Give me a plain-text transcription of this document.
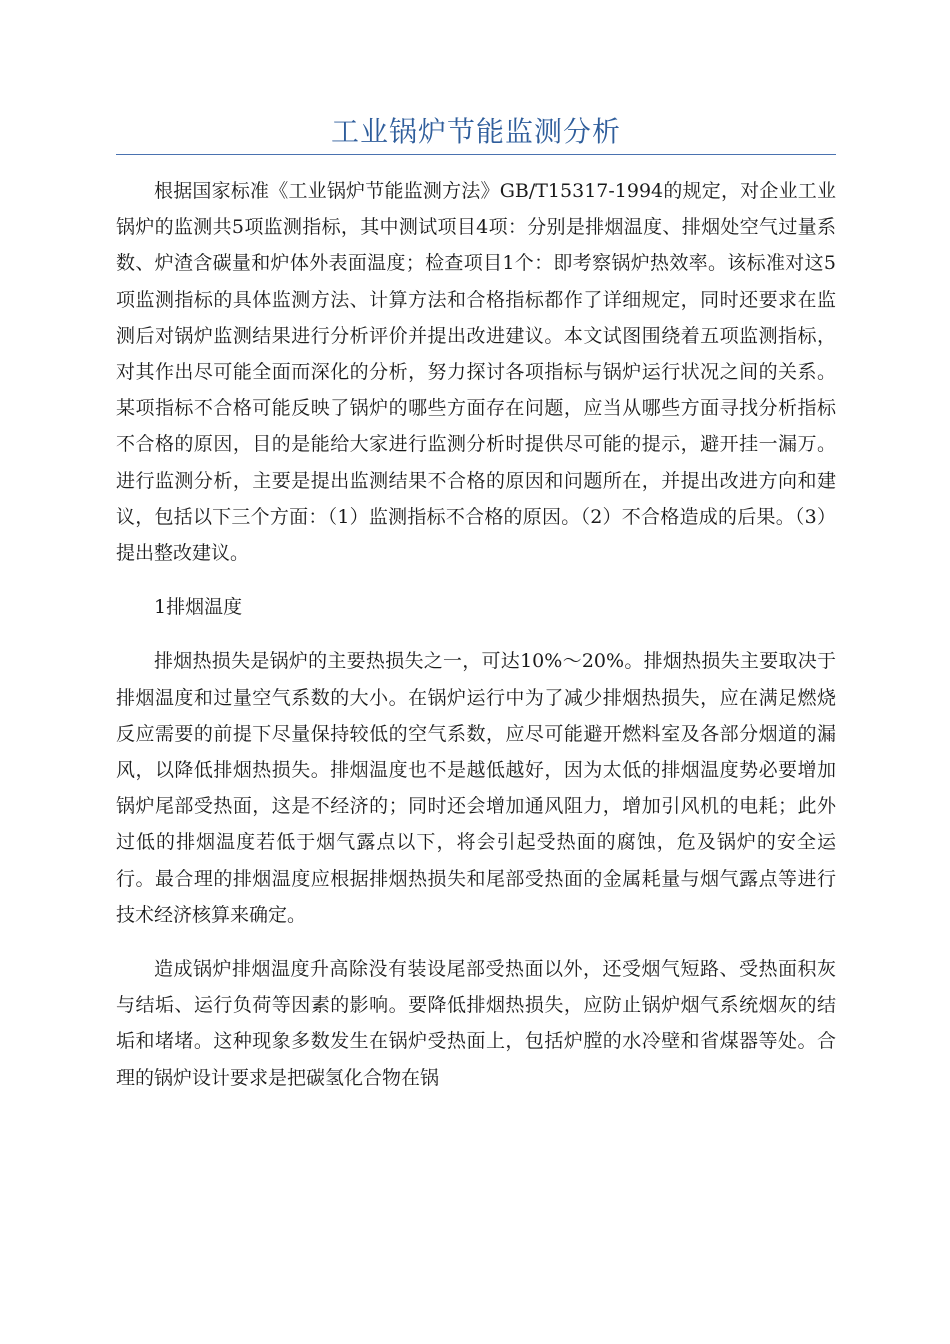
工业锅炉节能监测分析

根据国家标准《工业锅炉节能监测方法》GB/T15317-1994的规定，对企业工业锅炉的监测共5项监测指标，其中测试项目4项：分别是排烟温度、排烟处空气过量系数、炉渣含碳量和炉体外表面温度；检查项目1个：即考察锅炉热效率。该标准对这5项监测指标的具体监测方法、计算方法和合格指标都作了详细规定，同时还要求在监测后对锅炉监测结果进行分析评价并提出改进建议。本文试图围绕着五项监测指标，对其作出尽可能全面而深化的分析，努力探讨各项指标与锅炉运行状况之间的关系。某项指标不合格可能反映了锅炉的哪些方面存在问题，应当从哪些方面寻找分析指标不合格的原因，目的是能给大家进行监测分析时提供尽可能的提示，避开挂一漏万。进行监测分析，主要是提出监测结果不合格的原因和问题所在，并提出改进方向和建议，包括以下三个方面：（1）监测指标不合格的原因。（2）不合格造成的后果。（3）提出整改建议。

1排烟温度

排烟热损失是锅炉的主要热损失之一，可达10%～20%。排烟热损失主要取决于排烟温度和过量空气系数的大小。在锅炉运行中为了减少排烟热损失，应在满足燃烧反应需要的前提下尽量保持较低的空气系数，应尽可能避开燃料室及各部分烟道的漏风，以降低排烟热损失。排烟温度也不是越低越好，因为太低的排烟温度势必要增加锅炉尾部受热面，这是不经济的；同时还会增加通风阻力，增加引风机的电耗；此外过低的排烟温度若低于烟气露点以下，将会引起受热面的腐蚀，危及锅炉的安全运行。最合理的排烟温度应根据排烟热损失和尾部受热面的金属耗量与烟气露点等进行技术经济核算来确定。

造成锅炉排烟温度升高除没有装设尾部受热面以外，还受烟气短路、受热面积灰与结垢、运行负荷等因素的影响。要降低排烟热损失，应防止锅炉烟气系统烟灰的结垢和堵堵。这种现象多数发生在锅炉受热面上，包括炉膛的水冷壁和省煤器等处。合理的锅炉设计要求是把碳氢化合物在锅
